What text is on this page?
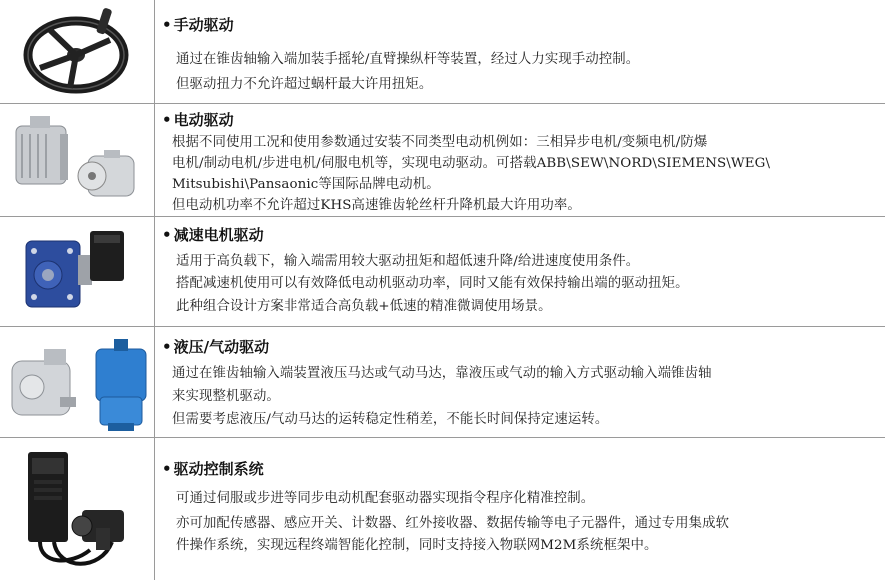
• 手动驱动
通过在锥齿轴输入端加装手摇轮/直臂操纵杆等装置，经过人力实现手动控制。
但驱动扭力不允许超过蜗杆最大许用扭矩。
• 电动驱动
根据不同使用工况和使用参数通过安装不同类型电动机例如：三相异步电机/变频电机/防爆
电机/制动电机/步进电机/伺服电机等，实现电动驱动。可搭载ABB\SEW\NORD\SIEMENS\WEG\
Mitsubishi\Pansaonic等国际品牌电动机。
但电动机功率不允许超过KHS高速锥齿轮丝杆升降机最大许用功率。
• 减速电机驱动
适用于高负载下，输入端需用较大驱动扭矩和超低速升降/给进速度使用条件。
搭配减速机使用可以有效降低电动机驱动功率，同时又能有效保持输出端的驱动扭矩。
此种组合设计方案非常适合高负载+低速的精准微调使用场景。
• 液压/气动驱动
通过在锥齿轴输入端装置液压马达或气动马达，靠液压或气动的输入方式驱动输入端锥齿轴
来实现整机驱动。
但需要考虑液压/气动马达的运转稳定性稍差，不能长时间保持定速运转。
• 驱动控制系统
可通过伺服或步进等同步电动机配套驱动器实现指令程序化精准控制。
亦可加配传感器、感应开关、计数器、红外接收器、数据传输等电子元器件，通过专用集成软
件操作系统，实现远程终端智能化控制，同时支持接入物联网M2M系统框架中。
